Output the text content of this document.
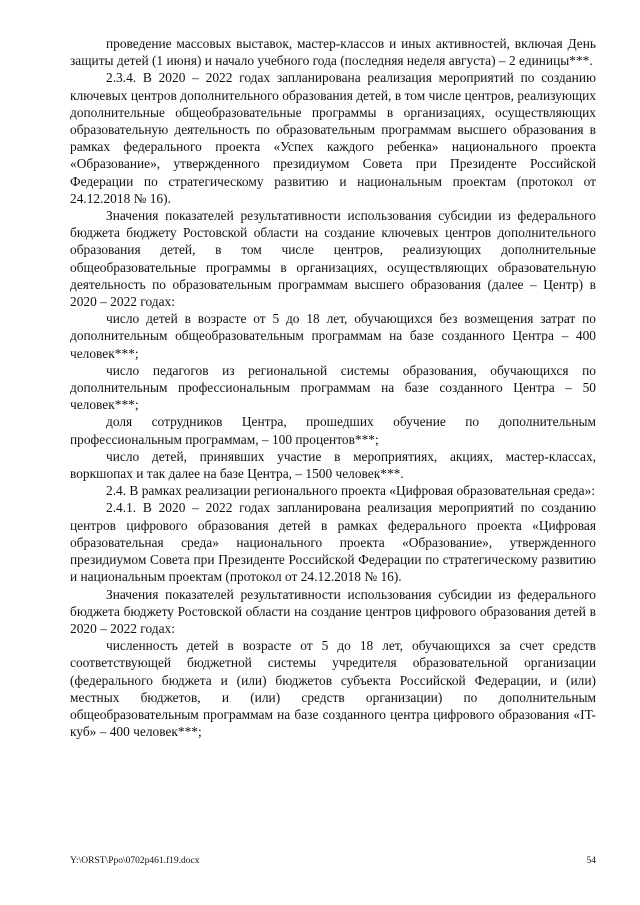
проведение массовых выставок, мастер-классов и иных активностей, включая День защиты детей (1 июня) и начало учебного года (последняя неделя августа) – 2 единицы***.

2.3.4. В 2020 – 2022 годах запланирована реализация мероприятий по созданию ключевых центров дополнительного образования детей, в том числе центров, реализующих дополнительные общеобразовательные программы в организациях, осуществляющих образовательную деятельность по образовательным программам высшего образования в рамках федерального проекта «Успех каждого ребенка» национального проекта «Образование», утвержденного президиумом Совета при Президенте Российской Федерации по стратегическому развитию и национальным проектам (протокол от 24.12.2018 № 16).

Значения показателей результативности использования субсидии из федерального бюджета бюджету Ростовской области на создание ключевых центров дополнительного образования детей, в том числе центров, реализующих дополнительные общеобразовательные программы в организациях, осуществляющих образовательную деятельность по образовательным программам высшего образования (далее – Центр) в 2020 – 2022 годах:

число детей в возрасте от 5 до 18 лет, обучающихся без возмещения затрат по дополнительным общеобразовательным программам на базе созданного Центра – 400 человек***;

число педагогов из региональной системы образования, обучающихся по дополнительным профессиональным программам на базе созданного Центра – 50 человек***;

доля сотрудников Центра, прошедших обучение по дополнительным профессиональным программам, – 100 процентов***;

число детей, принявших участие в мероприятиях, акциях, мастер-классах, воркшопах и так далее на базе Центра, – 1500 человек***.

2.4. В рамках реализации регионального проекта «Цифровая образовательная среда»:

2.4.1. В 2020 – 2022 годах запланирована реализация мероприятий по созданию центров цифрового образования детей в рамках федерального проекта «Цифровая образовательная среда» национального проекта «Образование», утвержденного президиумом Совета при Президенте Российской Федерации по стратегическому развитию и национальным проектам (протокол от 24.12.2018 № 16).

Значения показателей результативности использования субсидии из федерального бюджета бюджету Ростовской области на создание центров цифрового образования детей в 2020 – 2022 годах:

численность детей в возрасте от 5 до 18 лет, обучающихся за счет средств соответствующей бюджетной системы учредителя образовательной организации (федерального бюджета и (или) бюджетов субъекта Российской Федерации, и (или) местных бюджетов, и (или) средств организации) по дополнительным общеобразовательным программам на базе созданного центра цифрового образования «IT-куб» – 400 человек***;

Y:\ORST\Ppo\0702p461.f19.docx	54
